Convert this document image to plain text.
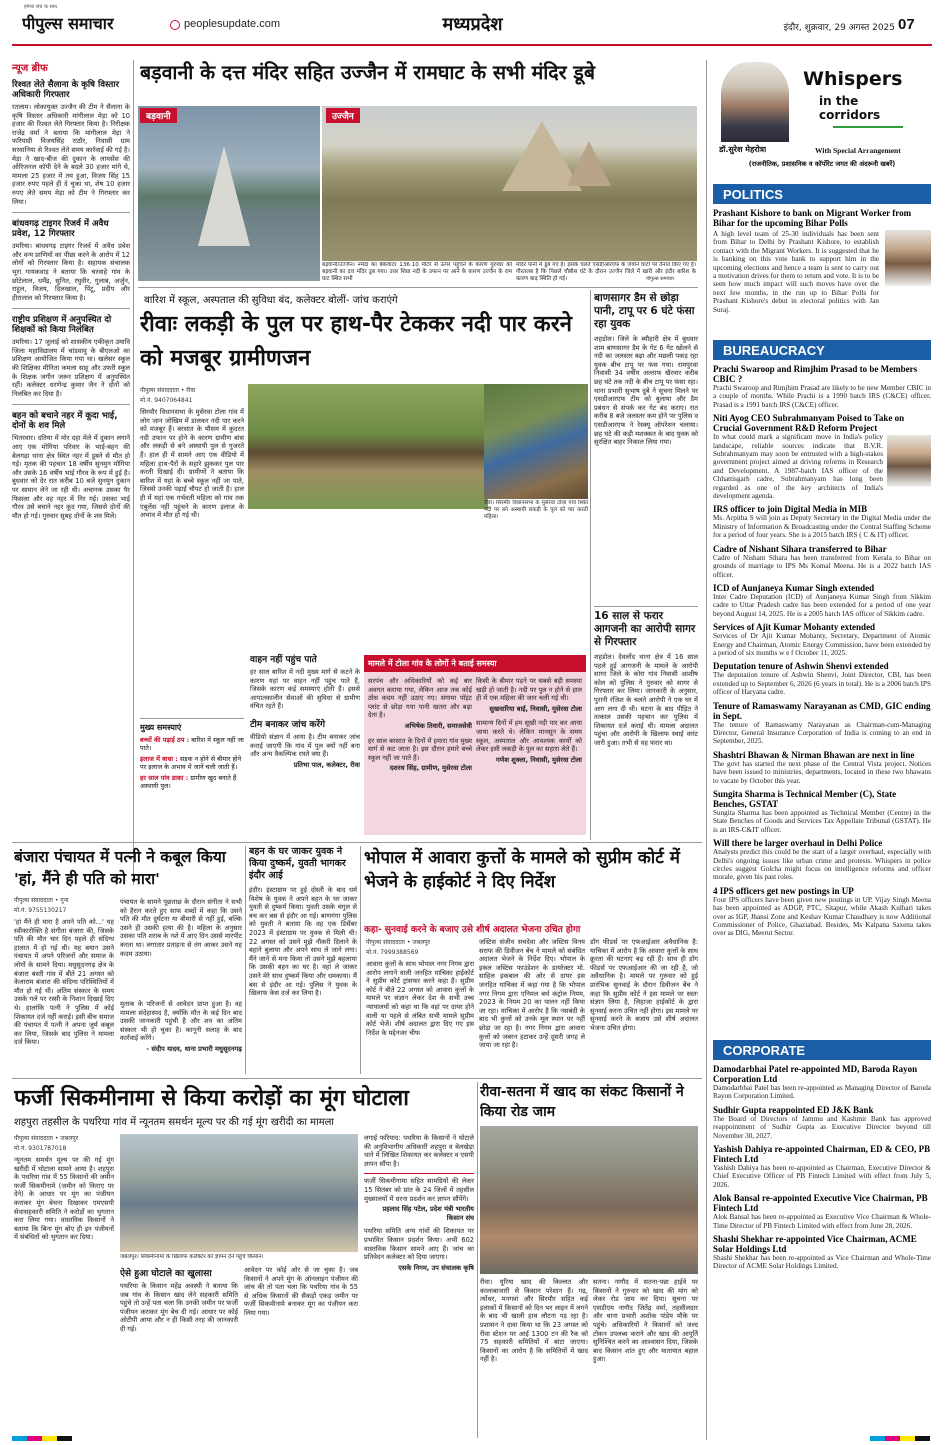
हमेशा सच के साथ
पीपुल्स समाचार	peoplesupdate.com	मध्यप्रदेश	इंदौर, शुक्रवार, 29 अगस्त 2025 07
न्यूज ब्रीफ
रिश्वत लेते सैलाना के कृषि विस्तार अधिकारी गिरफ्तार
रतलाम। लोकायुक्त उज्जैन की टीम ने सैलाना के कृषि विस्तार अधिकारी मांगीलाल मेड़ा को 10 हजार की रिश्वत लेते गिरफ्तार किया है। निरीक्षक राजेंद्र वर्मा ने बताया कि मांगीलाल मेड़ा ने फरियादी विजयसिंह राठौर, निवासी ग्राम सरवानिया से रिश्वत लेते समय कार्रवाई की गई है। मेड़ा ने खाद-बीज की दुकान के लायसेंस की ओरिजनल कॉपी देने के बदले 30 हजार मांगे थे, मामला 25 हजार में तय हुआ, विजय सिंह 15 हजार रुपए पहले ही दे चुका था, शेष 10 हजार रुपए लेते समय मेड़ा को टीम ने गिरफ्तार कर लिया।
बांधवगढ़ टाइगर रिजर्व में अवैध प्रवेश, 12 गिरफ्तार
उमरिया। बांधवगढ़ टाइगर रिजर्व में अवैध प्रवेश और वन्य प्राणियों का पीछा करने के आरोप में 12 लोगों को गिरफ्तार किया है। सहायक संचालक भूरा गायकवाड़ ने बताया कि चरवाहे गांव के छोटेलाल, धर्मेंद्र, सुनित, रघुवीर, गुलाब, अर्जुन, राहुल, विजय, दिलखाल, पिंटू, प्रदीप और हीरालाल को गिरफ्तार किया है।
राष्ट्रीय प्रशिक्षण में अनुपस्थित दो शिक्षकों को किया निलंबित
उमरिया। 17 जुलाई को शासकीय एकीकृत उमावि जिला महाविद्यालय में चांडवावु के बीएलओ का प्रशिक्षण आयोजित किया गया था। खलेसर स्कूल की शिक्षिका मीनिता कमला साहू और उफरी स्कूल के शिक्षक जगीन जरूर प्रशिक्षण में अनुपस्थित रहीं। कलेक्टर धरणेन्द्र कुमार जैन ने दोनों को निलंबित कर दिया है।
बहन को बचाने नहर में कूदा भाई, दोनों के शव मिले
भितरवार। दतिया में मोर दहा मेले में दुकान लगाने आए एक मोगिया परिवार के भाई-बहन की बेलगढ़ा थाना क्षेत्र स्थित नहर में डूबने से मौत हो गई। मृतक की पहचान 18 वर्षीय सुनमुन मोगिया और उसके 16 वर्षीय भाई गौरव के रूप में हुई है। बुधवार को देर रात करीब 10 बजे सुनमुन दुकान पर सामान लेने जा रही थी। अचानक उसका पैर फिसला और वह नहर में गिर गई। उसका भाई गौरव उसे बचाने नहर कूद गया, जिससे दोनों की मौत हो गई। गुरुवार सुबह दोनों के शव मिले।
बड़वानी के दत्त मंदिर सहित उज्जैन में रामघाट के सभी मंदिर डूबे
बड़वानी	उज्जैन
बड़वानी/उज्जैन। नर्मदा का बैकवाटर 136.10 मीटर से ऊपर पहुंचने के कारण गुरुवार को बड़वानी का दत्त मंदिर डूब गया। उधर शिप्रा नदी के उफान पर आने के कारण उज्जैन के राम घाट स्थित सभी
मंदिर पानी में डूब गए हैं। इसके चलते एसडीआरएफ के जवान घाटों पर तैनात किए गए हैं। गौरतलब है कि पिछले चौबीस घंटे के दौरान उज्जैन जिले में खारी और इंदौर बारिश के कारण बाढ़ स्थिति हो गई।	पीपुल्स समाचार
बारिश में स्कूल, अस्पताल की सुविधा बंद, कलेक्टर बोलीं- जांच कराएंगे
रीवाः लकड़ी के पुल पर हाथ-पैर टेककर नदी पार करने को मजबूर ग्रामीणजन
पीपुल्स संवाददाता • रीवा
मो.नं. 9407064841
रीवा। सिरमौर विधानसभा के मुसेरवा टोला गांव स्थित नदी पर बने अस्थायी लकड़ी के पुल को पार करती महिला।
सिरमौर विधानसभा के मुसेरवा टोला गांव में लोग जान जोखिम में डालकर नदी पार करने को मजबूर हैं। बरसात के मौसम में कुदरत नदी उफान पर होने के कारण ग्रामीण बांस और लकड़ी से बने अस्थायी पुल से गुजरते हैं। हाल ही में सामने आए एक वीडियो में महिला हाथ-पैरों के सहारे झुककर पुल पार करती दिखाई दी। ग्रामीणों ने बताया कि बारिश में यहां के बच्चे स्कूल नहीं जा पाते, जिससे उनकी पढ़ाई चौपट हो जाती है। हाल ही में यहां एक गर्भवती महिला को गांव तक एंबुलेंस नहीं पहुंचने के कारण इलाज के अभाव में मौत हो गई थी।
मुख्य समस्याएं
बच्चों की पढ़ाई ठप : बारिश में स्कूल नहीं जा पाते।
इलाज में बाधा : सड़क न होने से बीमार होने पर इलाज के अभाव में जानें चली जाती हैं।
हर साल पांव डाका : ग्रामीण खुद बनाते हैं अस्थायी पुल।
वाहन नहीं पहुंच पाते
हर साल बारिश में नदी मुख्य मार्ग से कटने के कारण यहां पर वाहन नहीं पहुंच पाते हैं, जिसके कारण कई समस्याएं होती हैं। इससे आपातकालीन सेवाओं की सुविधा से ग्रामीण वंचित रहते हैं।
टीम बनाकर जांच करेंगे
वीडियो संज्ञान में आया है। टीम बनाकर जांच कराई जाएगी कि गांव में पुल क्यों नहीं बना और अन्य वैकल्पिक रास्ते क्या हैं।
प्रतिभा पाल, कलेक्टर, रीवा
मामले में टोला गांव के लोगों ने बताई समस्या
सरपंच और अधिकारियों को कई बार अवगत कराया गया, लेकिन आज तक कोई ठोस कदम नहीं उठाए गए। संगामा पॉइंट प्लांट से छोड़ा गया पानी खतरा और बढ़ा देता है।
अभिषेक तिवारी, समाजसेवी
हर साल बरसात के दिनों में हमारा गांव मुख्य मार्ग से कट जाता है। इस दौरान हमारे बच्चे स्कूल नहीं जा पाते हैं।
दशरथ सिंह, ग्रामीण, मुसेरवा टोला
किसी के बीमार पड़ने पर सबसे बड़ी समस्या खड़ी हो जाती है। नदी पर पुल न होने से हाल ही में एक महिला की जान चली गई थी।
सुखवारिया बाई, निवासी, मुसेरवा टोला
सामान्य दिनों में हम सूखी नदी पार कर आया जाया करते थे। लेकिन मानसून के समय स्कूल, अस्पताल और आवश्यक कार्यों को लेकर इसी लकड़ी के पुल का सहारा लेते हैं।
गणेश शुक्ला, निवासी, मुसेरवा टोला
बाणसागर डैम से छोड़ा पानी, टापू पर 6 घंटे फंसा रहा युवक
शहडोल। जिले के ब्यौहारी क्षेत्र में बुधवार शाम बाणसागर डैम के गेट 6 गेट खोलने से नदी का जलस्तर बढ़ा और मछली पकड़ रहा युवक बीच टापू पर फंस गया। रामपुरवा निवासी 34 वर्षीय अल्ताफ खैरवार करीब छह घंटे तक नदी के बीच टापू पर फंसा रहा। थाना प्रभारी सुभाष दुबे ने सूचना मिलने पर एसडीआरएफ टीम को बुलाया और डैम प्रबंधन से संपर्क कर गेट बंद कराए। रात करीब 8 बजे जलस्तर कम होने पर पुलिस व एसडीआरएफ ने रेस्क्यू ऑपरेशन चलाया। छह घंटे की कड़ी मशक्कत के बाद युवक को सुरक्षित बाहर निकाल लिया गया।
16 साल से फरार आगजनी का आरोपी सागर से गिरफ्तार
शहडोल। देवलोंद थाना क्षेत्र में 16 साल पहले हुई आगजनी के मामले के आरोपी सागर जिले के कोरा गांव निवासी आशीष कोल को पुलिस ने गुरुवार को सागर से गिरफ्तार कर लिया। जानकारी के अनुसार, पुरानी रंजिश के चलते आरोपी ने एक घर में आग लगा दी थी। घटना के बाद पीड़ित ने तत्काल उसकी पहचान कर पुलिस में शिकायत दर्ज कराई थी। मामला अदालत पहुंचा और आरोपी के खिलाफ स्थाई वारंट जारी हुआ। तभी से वह फरार था।
बंजारा पंचायत में पत्नी ने कबूल किया 'हां, मैंने ही पति को मारा'
पीपुल्स संवाददाता • गुना
मो.नं. 9755130217
'हां मैंने ही मारा है अपने पति को...' यह स्वीकारोक्ति है संगीता बंजारा की, जिसके पति की मौत चार दिन पहले ही संदिग्ध हालात में हो गई थी। यह बयान उसने पंचायत में अपने परिजनों और समाज के लोगों के सामने दिया। मधुसूदनगढ़ क्षेत्र के बंजारा बस्ती गांव में बीते 21 अगस्त को केलाराम बंजारा की संदिग्ध परिस्थितियों में मौत हो गई थी। अंतिम संस्कार के समय उसके गले पर रस्सी के निशान दिखाई दिए थे। हालांकि पत्नी ने पुलिस में कोई शिकायत दर्ज नहीं कराई। इसी बीच समाज की पंचायत में पत्नी ने अपना जुर्म कबूल कर लिया, जिसके बाद पुलिस ने मामला दर्ज किया।
पंचायत के सामने पूछताछ के दौरान संगीता ने सभी को हैरान करते हुए साफ शब्दों में कहा कि उसने पति की मौत दुर्घटना या बीमारी से नहीं हुई, बल्कि उसने ही उसकी हत्या की है। महिला के अनुसार उसका पति शराब के नशे में आए दिन उससे मारपीट करता था। लगातार प्रताड़ना से तंग आकर उसने यह कदम उठाया।
मुताक के परिजनों से आवेदन प्राप्त हुआ है। वह मामला संदेहास्पद है, क्योंकि मौत के कई दिन बाद उसकी जानकारी पहुंची है और शव का अंतिम संस्कार भी हो चुका है। कानूनी सलाह के बाद कार्रवाई करेंगे।
- संदीप यादव, थाना प्रभारी मधुसूदनगढ़
बहन के घर जाकर युवक ने किया दुष्कर्म, युवती भागकर इंदौर आई
इंदौर। इंस्टाग्राम पर हुई दोस्ती के बाद धर्म विशेष के युवक ने अपने बहन के घर जाकर युवती से दुष्कर्म किया। युवती उसके चंगुल से बच कर बस से इंदौर आ गई। बाणगंगा पुलिस को युवती ने बताया कि वह एक डिसेंबर 2023 में इंस्टाग्राम पर युवक से मिली थी। 22 अगस्त को उसने मुझे नौकरी दिलाने के बहाने बुलाया और अपने साथ ले जाने लगा। मैंने जाने से मना किया तो उसने मुझे बहलाया कि उसकी बहन का घर है। वहां ले जाकर उसने मेरे साथ दुष्कर्म किया और धमकाया। मैं बस से इंदौर आ गई। पुलिस ने युवक के खिलाफ केस दर्ज कर लिया है।
भोपाल में आवारा कुत्तों के मामले को सुप्रीम कोर्ट में भेजने के हाईकोर्ट ने दिए निर्देश
कहा- सुनवाई करने के बजाए उसे शीर्ष अदालत भेजना उचित होगा
पीपुल्स संवाददाता • जबलपुर
मो.नं. 7999388569
आवारा कुत्तों के साथ भोपाल नगर निगम द्वारा आरोप लगाने वाली जनहित याचिका हाईकोर्ट ने सुप्रीम कोर्ट ट्रांसफर करने कहा है। सुप्रीम कोर्ट ने बीते 22 अगस्त को आवारा कुत्तों के मामले पर संज्ञान लेकर देश के सभी उच्च न्यायालयों को कहा था कि वहां पर दायर होने वाली या पहले से लंबित सभी मामले सुप्रीम कोर्ट भेजें। शीर्ष अदालत द्वारा दिए गए इस निर्देश के मद्देनजर चीफ
जस्टिस संजीव सचदेवा और जस्टिस विनय सराफ की डिवीजन बेंच ने मामले को संबंधित अदालत भेजने के निर्देश दिए। भोपाल के इकल जस्टिस फाउंडेशन के डायरेक्टर मो. साहिल इकबाल की ओर से दायर इस जनहित याचिका में कहा गया है कि भोपाल नगर निगम द्वारा एनिमल बर्थ कंट्रोल नियम, 2023 के नियम 20 का पालन नहीं किया जा रहा। याचिका में आरोप है कि नसबंदी के बाद भी कुत्तों को उनके मूल स्थान पर नहीं छोड़ा जा रहा है। नगर निगम द्वारा आवारा कुत्तों को जबरन हटाकर उन्हें दूसरी जगह ले जाया जा रहा है।
डॉग फीडर्स पर एफआईआर अवैधानिक है: याचिका में आरोप है कि आवारा कुत्तों के साथ क्रूरता की घटनाएं बढ़ रही हैं। साथ ही डॉग फीडर्स पर एफआईआर की जा रही है, जो अवैधानिक है। मामले पर गुरुवार को हुई प्रारंभिक सुनवाई के दौरान डिवीजन बेंच ने कहा कि सुप्रीम कोर्ट ने इस मामले पर स्वतः संज्ञान लिया है, लिहाजा हाईकोर्ट के द्वारा सुनवाई करना उचित नहीं होगा। इस मामले पर सुनवाई करने के बजाय उसे शीर्ष अदालत भेजना उचित होगा।
फर्जी सिकमीनामा से किया करोड़ों का मूंग घोटाला
शहपुरा तहसील के पथरिया गांव में न्यूनतम समर्थन मूल्य पर की गई मूंग खरीदी का मामला
पीपुल्स संवाददाता • जबलपुर
मो.नं. 9301787018
न्यूनतम समर्थन मूल्य पर की गई मूंग खरीदी में घोटाला सामने आया है। शहपुरा के पथरिया गांव में 55 किसानों की जमीन फर्जी सिकमीनामे (जमीन को किराए पर देने) के आधार पर मूंग का पंजीयन कराकर मूंग बेचना दिखाकर एमएसपी सेवासहकारी समिति ने करोड़ों का भुगतान करा लिया गया। वास्तविक किसानों ने बताया कि बिना मूंग बोए ही इन पंजीयनों में संबंधितों को भुगतान कर दिया।
जबलपुर। सिकमीनामा के खिलाफ कलेक्टर को ज्ञापन देने पहुंचे किसान।
ऐसे हुआ घोटाले का खुलासा
पथरिया के किसान महेंद्र अवस्थी ने बताया कि जब गांव के किसान खाद लेने सहकारी समिति पहुंचे तो उन्हें पता चला कि उनकी जमीन पर फर्जी पंजीयन कराकर मूंग बेच दी गई। आधार पर कोई ओटीपी आया और न ही किसी तरह की जानकारी दी गई।
आवेदन पर कोई ओर से जा चुका है। जब किसानों ने अपने मूंग के ऑनलाइन पंजीयन की जांच की तो पता चला कि पथरिया गांव के 55 से अधिक किसानों की सैकड़ों एकड़ जमीन पर फर्जी सिकमीनामे बनाकर मूंग का पंजीयन करा लिया गया।
लगाई फरियाद: पथरिया के किसानों ने घोटाले की अनुविभागीय अधिकारी शहपुरा व बेलखेड़ा थाने में लिखित शिकायत कर कलेक्टर व एसपी ज्ञापन सौंपा है।
फर्जी सिकमीनामा सहित सामग्रियों की लेकर 15 सितंबर को प्रांत के 24 जिलों में तहसील मुख्यालयों में धरना प्रदर्शन कर ज्ञापन सौंपेंगे।
प्रहलाद सिंह पटेल, प्रदेश मंत्री भारतीय किसान संघ
पथरिया समिति अन्य गांवों की शिकायत पर प्रभावित किसान प्रदर्शन किया। अभी 602 वास्तविक किसान सामने आए हैं। जांच का प्रतिवेदन कलेक्टर को दिया जाएगा।
एसके निगम, उप संचालक कृषि
रीवा-सतना में खाद का संकट किसानों ने किया रोड जाम
रीवा। यूरिया खाद की किल्लत और कालाबाजारी से किसान परेशान हैं। गढ़, त्योंथर, मनगवां और सिरमौर सहित कई इलाकों में किसानों को दिन भर लाइन में लगने के बाद भी खाली हाथ लौटना पड़ रहा है। प्रशासन ने दावा किया था कि 23 अगस्त को रीवा स्टेशन पर आई 1300 टन की रैक को 75 सहकारी समितियों में बांटा जाएगा। किसानों का आरोप है कि समितियों में खाद नहीं है।
सतना। नागौद में सतना-पन्ना हाईवे पर किसानों ने गुरुवार को खाद की मांग को लेकर रोड जाम कर दिया। सूचना पर एसडीएम नागौद जितेंद्र वर्मा, तहसीलदार और थाना प्रभारी अशोक पांडेय मौके पर पहुंचे। अधिकारियों ने किसानों को जल्द टोकन उपलब्ध कराने और खाद की आपूर्ति सुनिश्चित करने का आश्वासन दिया, जिसके बाद किसान शांत हुए और यातायात बहाल हुआ।
Whispers
in the corridors
डॉ.सुरेश मेहरोत्रा	With Special Arrangement
(राजनीतिक, प्रशासनिक व कॉर्पोरेट जगत की अंदरूनी खबरें)
POLITICS
Prashant Kishore to bank on Migrant Worker from Bihar for the upcoming Bihar Polls
A high level team of 25-30 individuals has been sent from Bihar to Delhi by Prashant Kishore, to establish contact with the Migrant Workers. It is suggested that he is banking on this vote bank to support him in the upcoming elections and hence a team is sent to carry out a motivation drives for them to return and vote. It is to be seen how much impact will such moves have over the next few months, in the run up to Bihar Polls for Prashant Kishore's debut in electoral politics with Jan Suraj.
BUREAUCRACY
Prachi Swaroop and Rimjhim Prasad to be Members CBIC ?
Prachi Swaroop and Rimjhim Prasad are likely to be new Member CBIC in a couple of months. While Prachi is a 1990 batch IRS (C&CE) officer, Prasad is a 1991 batch IRS (C&CE) officer.
Niti Ayog CEO Subrahmanyam Poised to Take on Crucial Government R&D Reform Project
In what could mark a significant move in India's policy landscape, reliable sources indicate that B.V.R. Subrahmanyam may soon be entrusted with a high-stakes government project aimed at driving reforms in Research and Development. A 1987-batch IAS officer of the Chhattisgarh cadre, Subrahmanyam has long been regarded as one of the key architects of India's development agenda.
IRS officer to join Digital Media in MIB
Ms. Arpitha S will join as Deputy Secretary in the Digital Media under the Ministry of Information & Broadcasting under the Central Staffing Scheme for a period of four years. She is a 2015 batch IRS ( C & IT) officer.
Cadre of Nishant Sihara transferred to Bihar
Cadre of Nishant Sihara has been transferred from Kerala to Bihar on grounds of marriage to IPS Ms Komal Meena. He is a 2022 batch IAS officer.
ICD of Aunjaneya Kumar Singh extended
Inter Cadre Deputation (ICD) of Aunjaneya Kumar Singh from Sikkim cadre to Uttar Pradesh cadre has been extended for a period of one year beyond August 14, 2025. He is a 2005 batch IAS officer of Sikkim cadre.
Services of Ajit Kumar Mohanty extended
Services of Dr Ajit Kumar Mohanty, Secretary, Department of Atomic Energy and Chairman, Atomic Energy Commission, have been extended by a period of six months w e f October 11, 2025.
Deputation tenure of Ashwin Shenvi extended
The deputation tenure of Ashwin Shenvi, Joint Director, CBI, has been extended up to September 6, 2026 (6 years in total). He is a 2006 batch IPS officer of Haryana cadre.
Tenure of Ramaswamy Narayanan as CMD, GIC ending in Sept.
The tenure of Ramaswamy Narayanan as Chairman-cum-Managing Director, General Insurance Corporation of India is coming to an end in September, 2025.
Shashtri Bhawan & Nirman Bhawan are next in line
The govt has started the next phase of the Central Vista project. Notices have been issued to ministries, departments, located in these two bhawans to vacate by October this year.
Sungita Sharma is Technical Member (C), State Benches, GSTAT
Sungita Sharma has been appointed as Technical Member (Centre) in the State Benches of Goods and Services Tax Appellate Tribunal (GSTAT). He is an IRS-C&IT officer.
Will there be larger overhaul in Delhi Police
Analysts predict this could be the start of a larger overhaul, especially with Delhi's ongoing issues like urban crime and protests. Whispers in police circles suggest Golcha might focus on intelligence reforms and officer morale, given his past roles.
4 IPS officers get new postings in UP
Four IPS officers have been given new postings in UP. Vijay Singh Meena has been appointed as ADGP, PTC, Sitapur, while Akash Kulhari takes over as IGP, Jhansi Zone and Keshav Kumar Chaudhary is now Additional Commissioner of Police, Ghaziabad. Besides, Ms Kalpana Saxena takes over as DIG, Meerut Sector.
CORPORATE
Damodarbhai Patel re-appointed MD, Baroda Rayon Corporation Ltd
Damodarbhai Patel has been re-appointed as Managing Director of Baroda Rayon Corporation Limited.
Sudhir Gupta reappointed ED J&K Bank
The Board of Directors of Jammu and Kashmir Bank has approved reappointment of Sudhir Gupta as Executive Director beyond till November 30, 2027.
Yashish Dahiya re-appointed Chairman, ED & CEO, PB Fintech Ltd
Yashish Dahiya has been re-appointed as Chairman, Executive Director & Chief Executive Officer of PB Fintech Limited with effect from July 5, 2026.
Alok Bansal re-appointed Executive Vice Chairman, PB Fintech Ltd
Alok Bansal has been re-appointed as Executive Vice Chairman & Whole-Time Director of PB Fintech Limited with effect from June 28, 2026.
Shashi Shekhar re-appointed Vice Chairman, ACME Solar Holdings Ltd
Shashi Shekhar has been re-appointed as Vice Chairman and Whole-Time Director of ACME Solar Holdings Limited.
